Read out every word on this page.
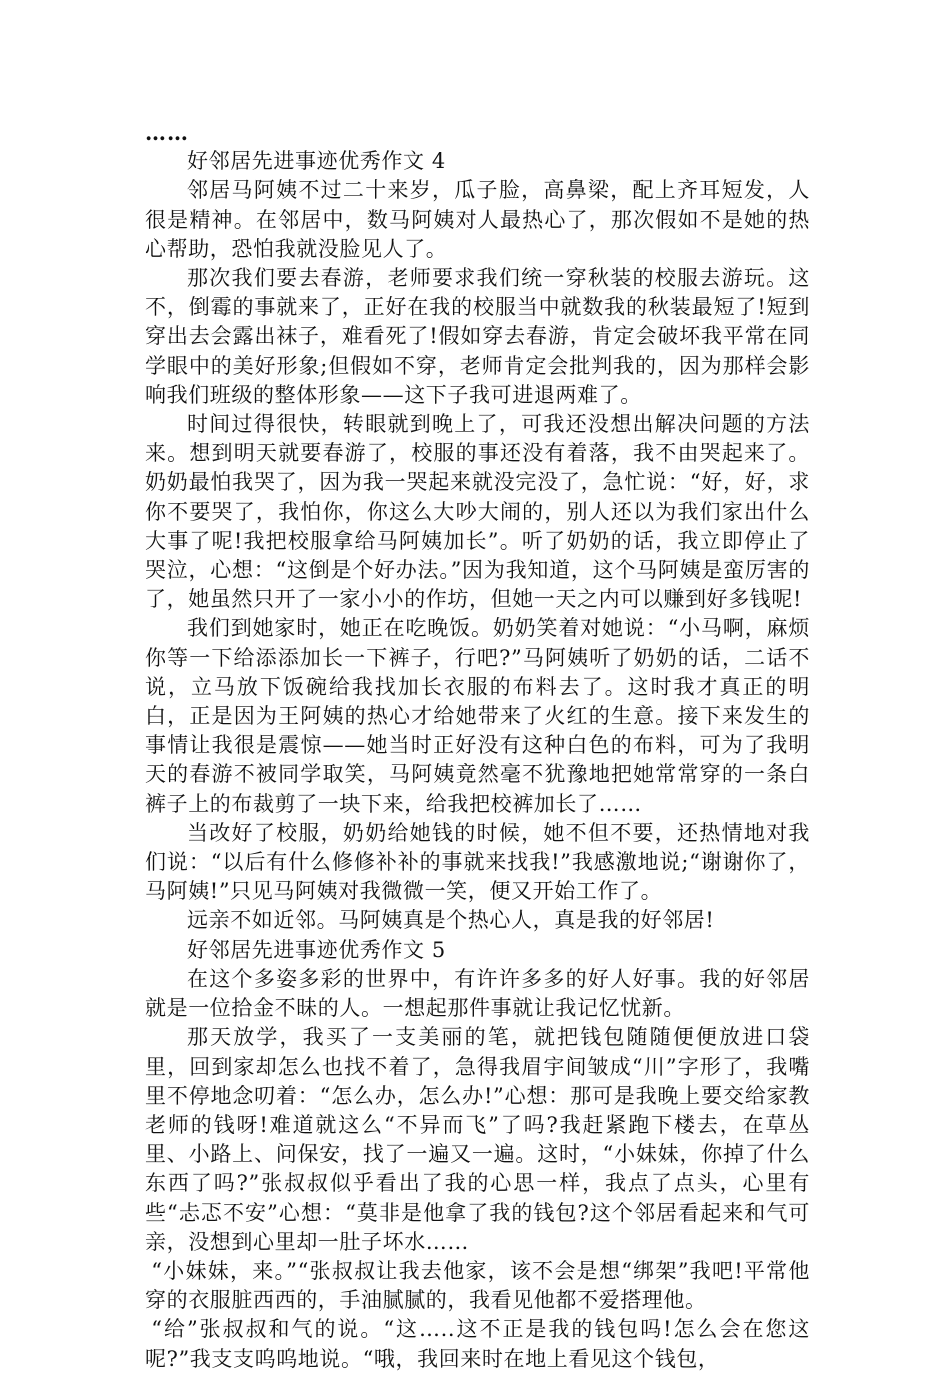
……

好邻居先进事迹优秀作文 4

邻居马阿姨不过二十来岁，瓜子脸，高鼻梁，配上齐耳短发，人很是精神。在邻居中，数马阿姨对人最热心了，那次假如不是她的热心帮助，恐怕我就没脸见人了。

那次我们要去春游，老师要求我们统一穿秋装的校服去游玩。这不，倒霉的事就来了，正好在我的校服当中就数我的秋装最短了!短到穿出去会露出袜子，难看死了!假如穿去春游，肯定会破坏我平常在同学眼中的美好形象;但假如不穿，老师肯定会批判我的，因为那样会影响我们班级的整体形象——这下子我可进退两难了。

时间过得很快，转眼就到晚上了，可我还没想出解决问题的方法来。想到明天就要春游了，校服的事还没有着落，我不由哭起来了。奶奶最怕我哭了，因为我一哭起来就没完没了，急忙说：“好，好，求你不要哭了，我怕你，你这么大吵大闹的，别人还以为我们家出什么大事了呢!我把校服拿给马阿姨加长”。听了奶奶的话，我立即停止了哭泣，心想：“这倒是个好办法。”因为我知道，这个马阿姨是蛮厉害的了，她虽然只开了一家小小的作坊，但她一天之内可以赚到好多钱呢!

我们到她家时，她正在吃晚饭。奶奶笑着对她说：“小马啊，麻烦你等一下给添添加长一下裤子，行吧?”马阿姨听了奶奶的话，二话不说，立马放下饭碗给我找加长衣服的布料去了。这时我才真正的明白，正是因为王阿姨的热心才给她带来了火红的生意。接下来发生的事情让我很是震惊——她当时正好没有这种白色的布料，可为了我明天的春游不被同学取笑，马阿姨竟然毫不犹豫地把她常常穿的一条白裤子上的布裁剪了一块下来，给我把校裤加长了……

当改好了校服，奶奶给她钱的时候，她不但不要，还热情地对我们说：“以后有什么修修补补的事就来找我!”我感激地说;“谢谢你了，马阿姨!”只见马阿姨对我微微一笑，便又开始工作了。

远亲不如近邻。马阿姨真是个热心人，真是我的好邻居!

好邻居先进事迹优秀作文 5

在这个多姿多彩的世界中，有许许多多的好人好事。我的好邻居就是一位拾金不昧的人。一想起那件事就让我记忆忧新。

那天放学，我买了一支美丽的笔，就把钱包随随便便放进口袋里，回到家却怎么也找不着了，急得我眉宇间皱成“川”字形了，我嘴里不停地念叨着：“怎么办，怎么办!”心想：那可是我晚上要交给家教老师的钱呀!难道就这么“不异而飞”了吗?我赶紧跑下楼去，在草丛里、小路上、问保安，找了一遍又一遍。这时，“小妹妹，你掉了什么东西了吗?”张叔叔似乎看出了我的心思一样，我点了点头，心里有些“忐忑不安”心想：“莫非是他拿了我的钱包?这个邻居看起来和气可亲，没想到心里却一肚子坏水……

“小妹妹，来。”“张叔叔让我去他家，该不会是想“绑架”我吧!平常他穿的衣服脏西西的，手油腻腻的，我看见他都不爱搭理他。

“给”张叔叔和气的说。“这…..这不正是我的钱包吗!怎么会在您这呢?”我支支呜呜地说。“哦，我回来时在地上看见这个钱包，
